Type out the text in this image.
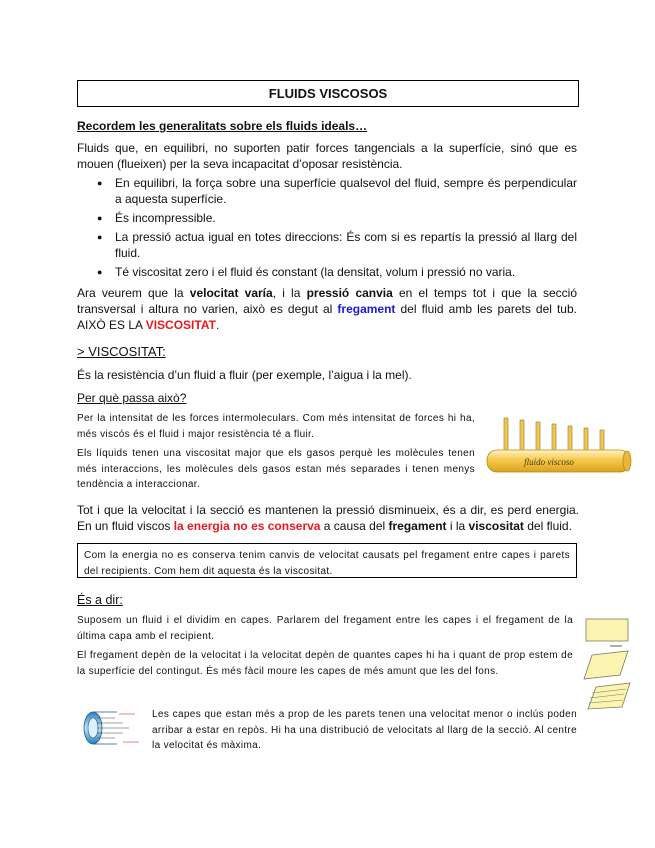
FLUIDS VISCOSOS
Recordem les generalitats sobre els fluids ideals…
Fluids que, en equilibri, no suporten patir forces tangencials a la superfície, sinó que es mouen (flueixen) per la seva incapacitat d’oposar resistència.
● En equilibri, la força sobre una superfície qualsevol del fluid, sempre és perpendicular a aquesta superfície.
● És incompressible.
● La pressió actua igual en totes direccions: És com si es repartís la pressió al llarg del fluid.
● Té viscositat zero i el fluid és constant (la densitat, volum i pressió no varia.
Ara veurem que la velocitat varía, i la pressió canvia en el temps tot i que la secció transversal i altura no varien, això es degut al fregament del fluid amb les parets del tub. AIXÒ ES LA VISCOSITAT.
> VISCOSITAT:
És la resistència d’un fluid a fluir (per exemple, l’aigua i la mel).
Per què passa això?
Per la intensitat de les forces intermoleculars. Com més intensitat de forces hi ha, més viscós és el fluid i major resistència té a fluir.
Els líquids tenen una viscositat major que els gasos perquè les molècules tenen més interaccions, les molècules dels gasos estan més separades i tenen menys tendència a interaccionar.
fluido viscoso
Tot i que la velocitat i la secció es mantenen la pressió disminueix, és a dir, es perd energia. En un fluid viscos la energia no es conserva a causa del fregament i la viscositat del fluid.
Com la energia no es conserva tenim canvis de velocitat causats pel fregament entre capes i parets del recipients. Com hem dit aquesta és la viscositat.
És a dir:
Suposem un fluid i el dividim en capes. Parlarem del fregament entre les capes i el fregament de la última capa amb el recipient.
El fregament depèn de la velocitat i la velocitat depèn de quantes capes hi ha i quant de prop estem de la superfície del contingut. És més fàcil moure les capes de més amunt que les del fons.
Les capes que estan més a prop de les parets tenen una velocitat menor o inclús poden arribar a estar en repòs. Hi ha una distribució de velocitats al llarg de la secció. Al centre la velocitat és màxima.
